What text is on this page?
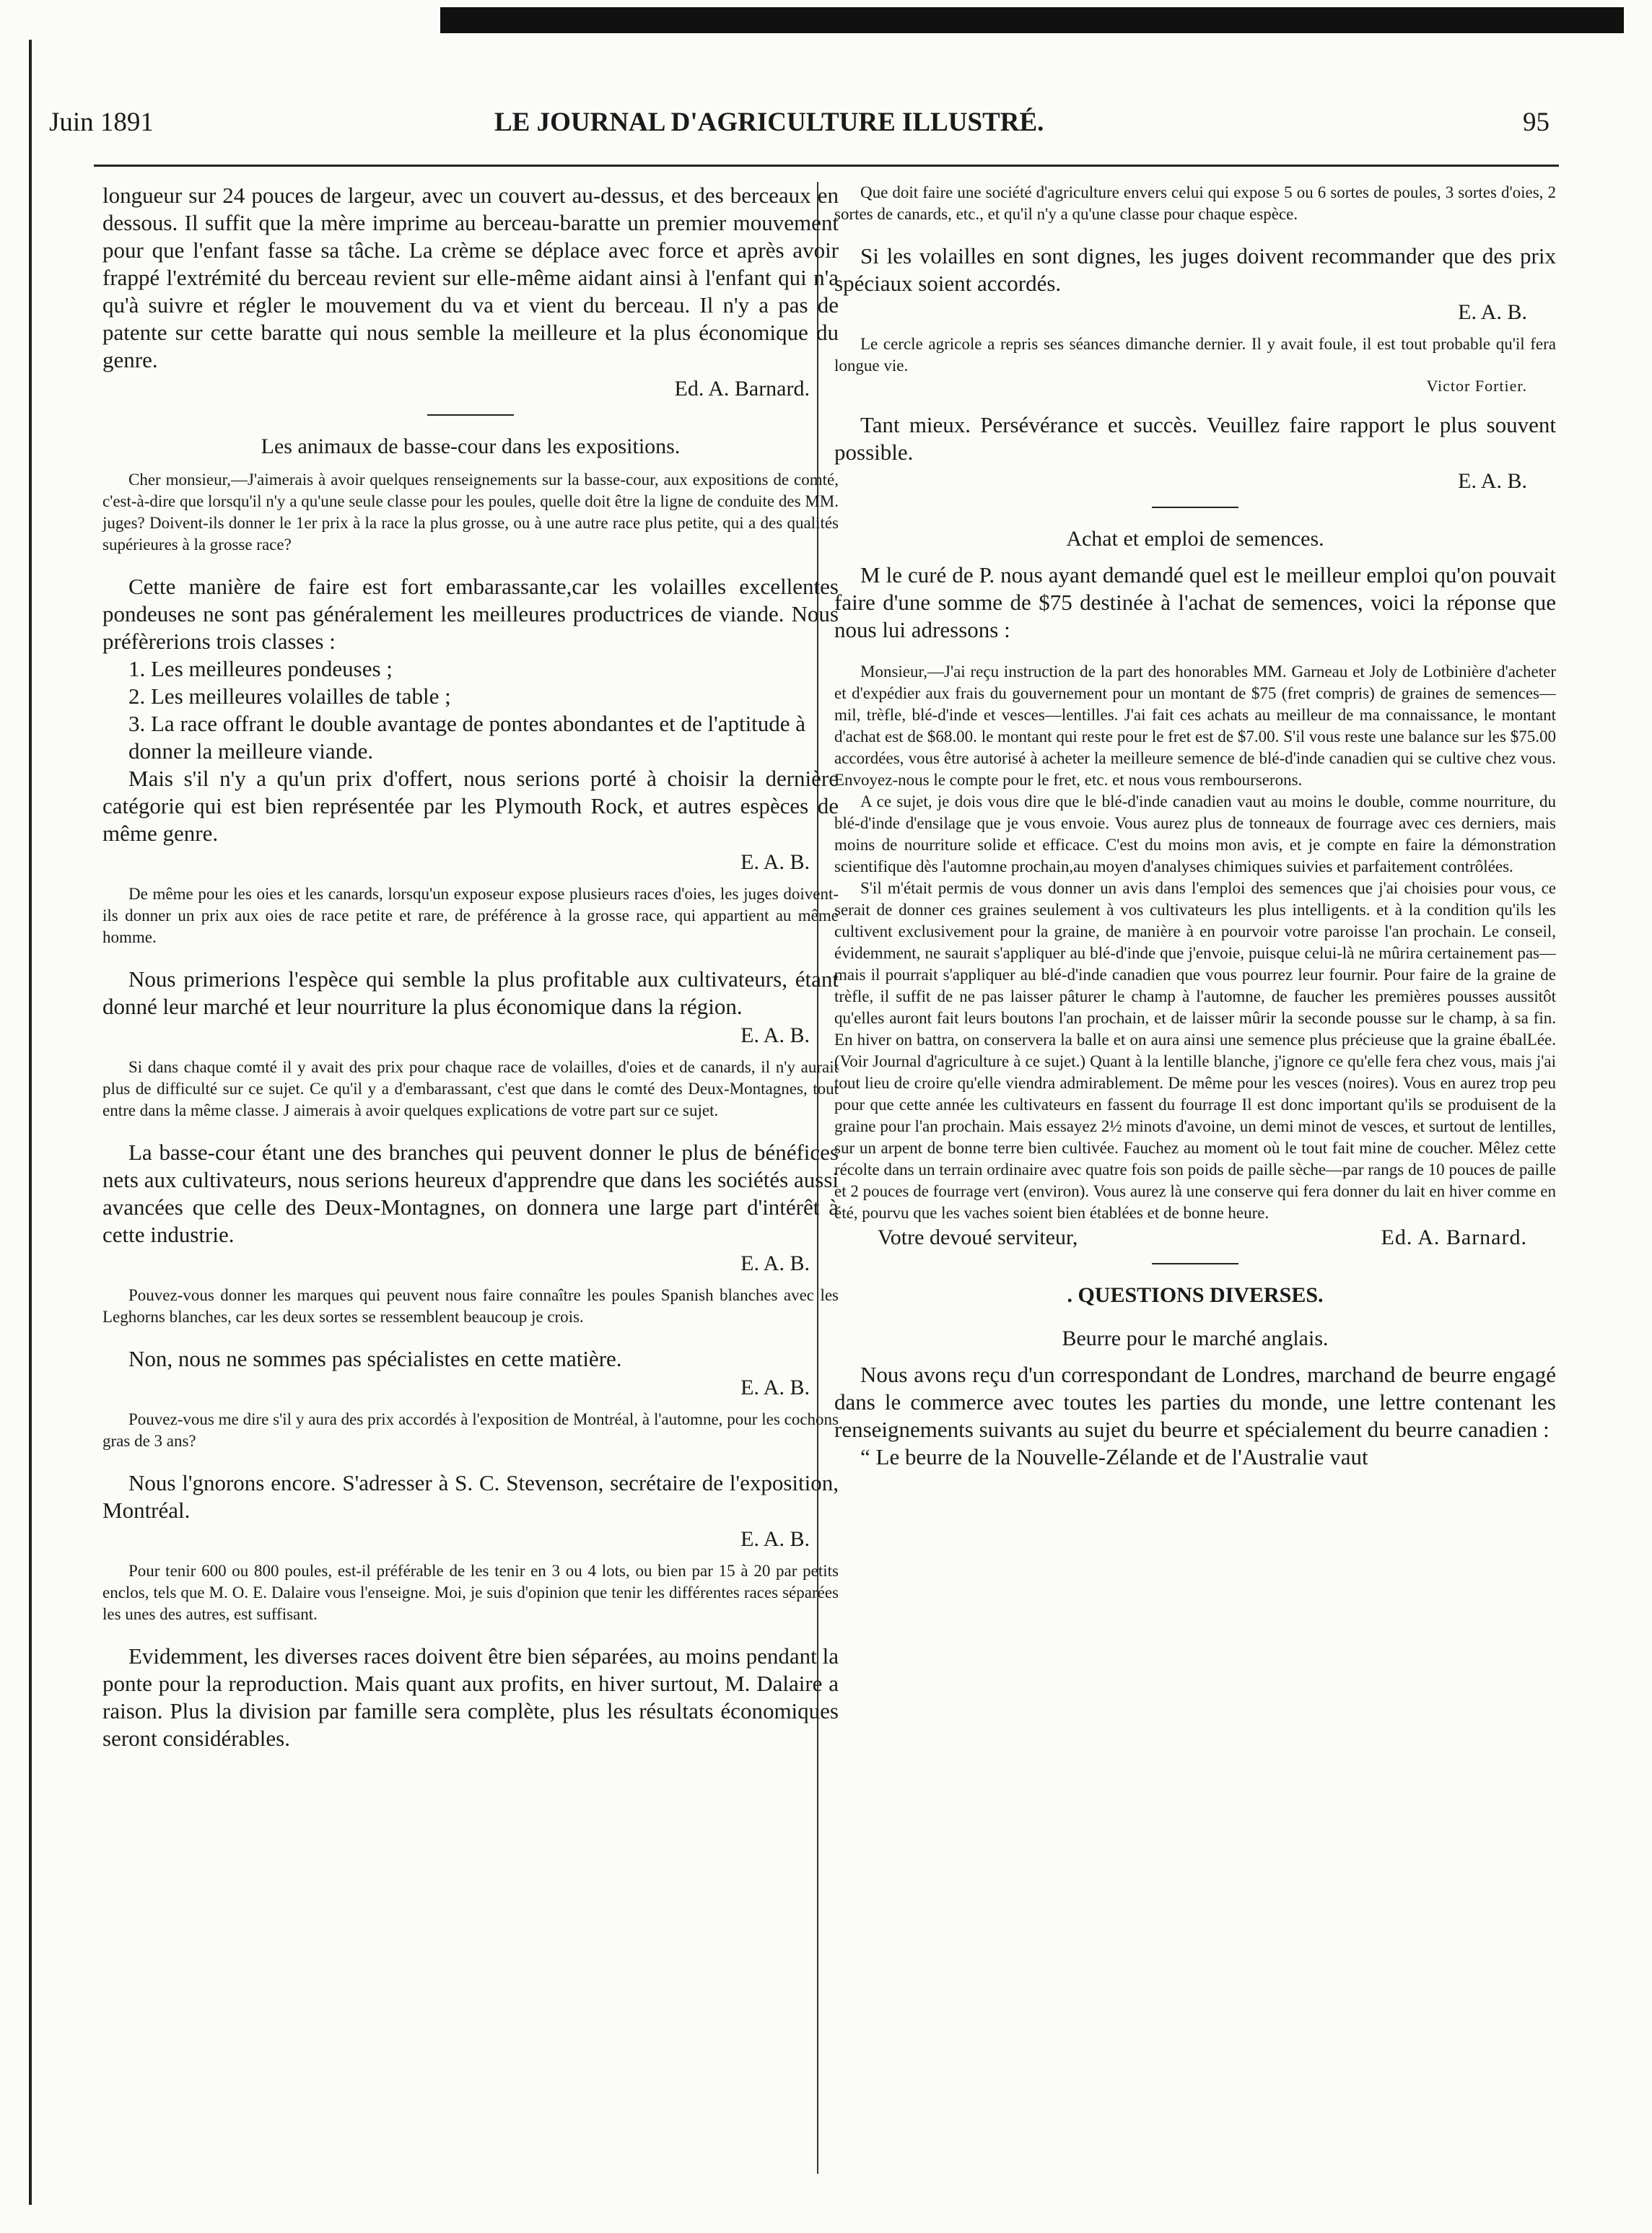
Juin 1891	LE JOURNAL D'AGRICULTURE ILLUSTRÉ.	95

longueur sur 24 pouces de largeur, avec un couvert au-dessus, et des berceaux en dessous. Il suffit que la mère imprime au berceau-baratte un premier mouvement pour que l'enfant fasse sa tâche. La crème se déplace avec force et après avoir frappé l'extrémité du berceau revient sur elle-même aidant ainsi à l'enfant qui n'a qu'à suivre et régler le mouvement du va et vient du berceau. Il n'y a pas de patente sur cette baratte qui nous semble la meilleure et la plus économique du genre.

Ed. A. Barnard.
Les animaux de basse-cour dans les expositions.

Cher monsieur,—J'aimerais à avoir quelques renseignements sur la basse-cour, aux expositions de comté, c'est-à-dire que lorsqu'il n'y a qu'une seule classe pour les poules, quelle doit être la ligne de conduite des MM. juges? Doivent-ils donner le 1er prix à la race la plus grosse, ou à une autre race plus petite, qui a des qualités supérieures à la grosse race?

Cette manière de faire est fort embarassante,car les volailles excellentes pondeuses ne sont pas généralement les meilleures productrices de viande. Nous préfèrerions trois classes :

1. Les meilleures pondeuses ;
2. Les meilleures volailles de table ;
3. La race offrant le double avantage de pontes abondantes et de l'aptitude à donner la meilleure viande.

Mais s'il n'y a qu'un prix d'offert, nous serions porté à choisir la dernière catégorie qui est bien représentée par les Plymouth Rock, et autres espèces de même genre.

E. A. B.

De même pour les oies et les canards, lorsqu'un exposeur expose plusieurs races d'oies, les juges doivent-ils donner un prix aux oies de race petite et rare, de préférence à la grosse race, qui appartient au même homme.

Nous primerions l'espèce qui semble la plus profitable aux cultivateurs, étant donné leur marché et leur nourriture la plus économique dans la région.

E. A. B.

Si dans chaque comté il y avait des prix pour chaque race de volailles, d'oies et de canards, il n'y aurait plus de difficulté sur ce sujet. Ce qu'il y a d'embarassant, c'est que dans le comté des Deux-Montagnes, tout entre dans la même classe. J aimerais à avoir quelques explications de votre part sur ce sujet.

La basse-cour étant une des branches qui peuvent donner le plus de bénéfices nets aux cultivateurs, nous serions heureux d'apprendre que dans les sociétés aussi avancées que celle des Deux-Montagnes, on donnera une large part d'intérêt à cette industrie.

E. A. B.

Pouvez-vous donner les marques qui peuvent nous faire connaître les poules Spanish blanches avec les Leghorns blanches, car les deux sortes se ressemblent beaucoup je crois.

Non, nous ne sommes pas spécialistes en cette matière.

E. A. B.

Pouvez-vous me dire s'il y aura des prix accordés à l'exposition de Montréal, à l'automne, pour les cochons gras de 3 ans?

Nous l'gnorons encore. S'adresser à S. C. Stevenson, secrétaire de l'exposition, Montréal.

E. A. B.

Pour tenir 600 ou 800 poules, est-il préférable de les tenir en 3 ou 4 lots, ou bien par 15 à 20 par petits enclos, tels que M. O. E. Dalaire vous l'enseigne. Moi, je suis d'opinion que tenir les différentes races séparées les unes des autres, est suffisant.

Evidemment, les diverses races doivent être bien séparées, au moins pendant la ponte pour la reproduction. Mais quant aux profits, en hiver surtout, M. Dalaire a raison. Plus la division par famille sera complète, plus les résultats économiques seront considérables.

Que doit faire une société d'agriculture envers celui qui expose 5 ou 6 sortes de poules, 3 sortes d'oies, 2 sortes de canards, etc., et qu'il n'y a qu'une classe pour chaque espèce.

Si les volailles en sont dignes, les juges doivent recommander que des prix spéciaux soient accordés.

E. A. B.

Le cercle agricole a repris ses séances dimanche dernier. Il y avait foule, il est tout probable qu'il fera longue vie.

Victor Fortier.

Tant mieux. Persévérance et succès. Veuillez faire rapport le plus souvent possible.

E. A. B.
Achat et emploi de semences.

M le curé de P. nous ayant demandé quel est le meilleur emploi qu'on pouvait faire d'une somme de $75 destinée à l'achat de semences, voici la réponse que nous lui adressons :

Monsieur,—J'ai reçu instruction de la part des honorables MM. Garneau et Joly de Lotbinière d'acheter et d'expédier aux frais du gouvernement pour un montant de $75 (fret compris) de graines de semences—mil, trèfle, blé-d'inde et vesces—lentilles. J'ai fait ces achats au meilleur de ma connaissance, le montant d'achat est de $68.00. le montant qui reste pour le fret est de $7.00. S'il vous reste une balance sur les $75.00 accordées, vous être autorisé à acheter la meilleure semence de blé-d'inde canadien qui se cultive chez vous. Envoyez-nous le compte pour le fret, etc. et nous vous rembourserons.

A ce sujet, je dois vous dire que le blé-d'inde canadien vaut au moins le double, comme nourriture, du blé-d'inde d'ensilage que je vous envoie. Vous aurez plus de tonneaux de fourrage avec ces derniers, mais moins de nourriture solide et efficace. C'est du moins mon avis, et je compte en faire la démonstration scientifique dès l'automne prochain,au moyen d'analyses chimiques suivies et parfaitement contrôlées.

S'il m'était permis de vous donner un avis dans l'emploi des semences que j'ai choisies pour vous, ce serait de donner ces graines seulement à vos cultivateurs les plus intelligents. et à la condition qu'ils les cultivent exclusivement pour la graine, de manière à en pourvoir votre paroisse l'an prochain. Le conseil, évidemment, ne saurait s'appliquer au blé-d'inde que j'envoie, puisque celui-là ne mûrira certainement pas—mais il pourrait s'appliquer au blé-d'inde canadien que vous pourrez leur fournir. Pour faire de la graine de trèfle, il suffit de ne pas laisser pâturer le champ à l'automne, de faucher les premières pousses aussitôt qu'elles auront fait leurs boutons l'an prochain, et de laisser mûrir la seconde pousse sur le champ, à sa fin. En hiver on battra, on conservera la balle et on aura ainsi une semence plus précieuse que la graine ébalLée. (Voir Journal d'agriculture à ce sujet.) Quant à la lentille blanche, j'ignore ce qu'elle fera chez vous, mais j'ai tout lieu de croire qu'elle viendra admirablement. De même pour les vesces (noires). Vous en aurez trop peu pour que cette année les cultivateurs en fassent du fourrage Il est donc important qu'ils se produisent de la graine pour l'an prochain. Mais essayez 2½ minots d'avoine, un demi minot de vesces, et surtout de lentilles, sur un arpent de bonne terre bien cultivée. Fauchez au moment où le tout fait mine de coucher. Mêlez cette récolte dans un terrain ordinaire avec quatre fois son poids de paille sèche—par rangs de 10 pouces de paille et 2 pouces de fourrage vert (environ). Vous aurez là une conserve qui fera donner du lait en hiver comme en été, pourvu que les vaches soient bien établées et de bonne heure.

Votre devoué serviteur,	Ed. A. Barnard.
. QUESTIONS DIVERSES.
Beurre pour le marché anglais.

Nous avons reçu d'un correspondant de Londres, marchand de beurre engagé dans le commerce avec toutes les parties du monde, une lettre contenant les renseignements suivants au sujet du beurre et spécialement du beurre canadien :

“ Le beurre de la Nouvelle-Zélande et de l'Australie vaut
